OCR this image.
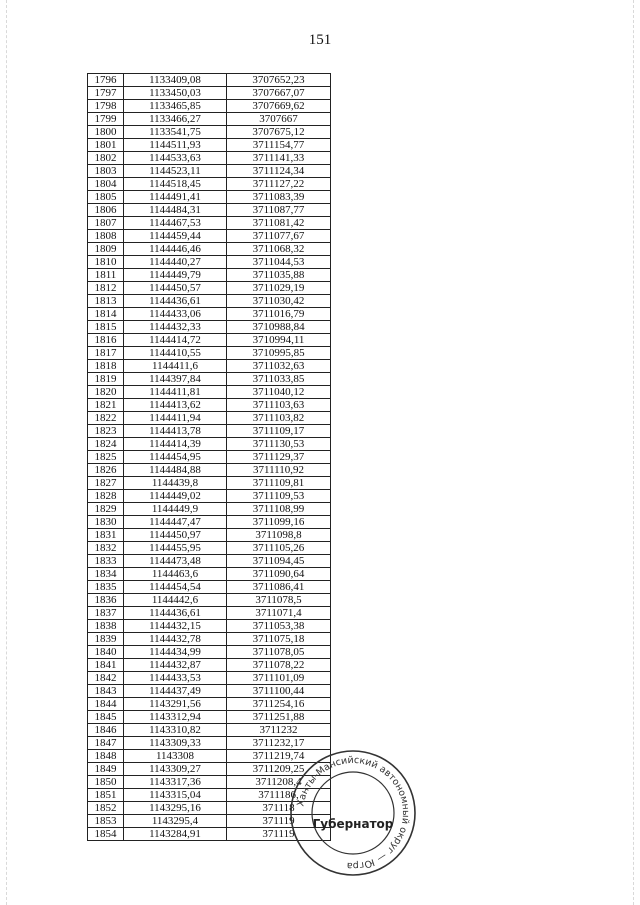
151
1796	1133409,08	3707652,23
1797	1133450,03	3707667,07
1798	1133465,85	3707669,62
1799	1133466,27	3707667
1800	1133541,75	3707675,12
1801	1144511,93	3711154,77
1802	1144533,63	3711141,33
1803	1144523,11	3711124,34
1804	1144518,45	3711127,22
1805	1144491,41	3711083,39
1806	1144484,31	3711087,77
1807	1144467,53	3711081,42
1808	1144459,44	3711077,67
1809	1144446,46	3711068,32
1810	1144440,27	3711044,53
1811	1144449,79	3711035,88
1812	1144450,57	3711029,19
1813	1144436,61	3711030,42
1814	1144433,06	3711016,79
1815	1144432,33	3710988,84
1816	1144414,72	3710994,11
1817	1144410,55	3710995,85
1818	1144411,6	3711032,63
1819	1144397,84	3711033,85
1820	1144411,81	3711040,12
1821	1144413,62	3711103,63
1822	1144411,94	3711103,82
1823	1144413,78	3711109,17
1824	1144414,39	3711130,53
1825	1144454,95	3711129,37
1826	1144484,88	3711110,92
1827	1144439,8	3711109,81
1828	1144449,02	3711109,53
1829	1144449,9	3711108,99
1830	1144447,47	3711099,16
1831	1144450,97	3711098,8
1832	1144455,95	3711105,26
1833	1144473,48	3711094,45
1834	1144463,6	3711090,64
1835	1144454,54	3711086,41
1836	1144442,6	3711078,5
1837	1144436,61	3711071,4
1838	1144432,15	3711053,38
1839	1144432,78	3711075,18
1840	1144434,99	3711078,05
1841	1144432,87	3711078,22
1842	1144433,53	3711101,09
1843	1144437,49	3711100,44
1844	1143291,56	3711254,16
1845	1143312,94	3711251,88
1846	1143310,82	3711232
1847	1143309,33	3711232,17
1848	1143308	3711219,74
1849	1143309,27	3711209,25
1850	1143317,36	3711208,4
1851	1143315,04	3711186,
1852	1143295,16	371118
1853	1143295,4	371119
1854	1143284,91	371119
Ханты-Мансийский автономный округ — Югра
Губернатор
